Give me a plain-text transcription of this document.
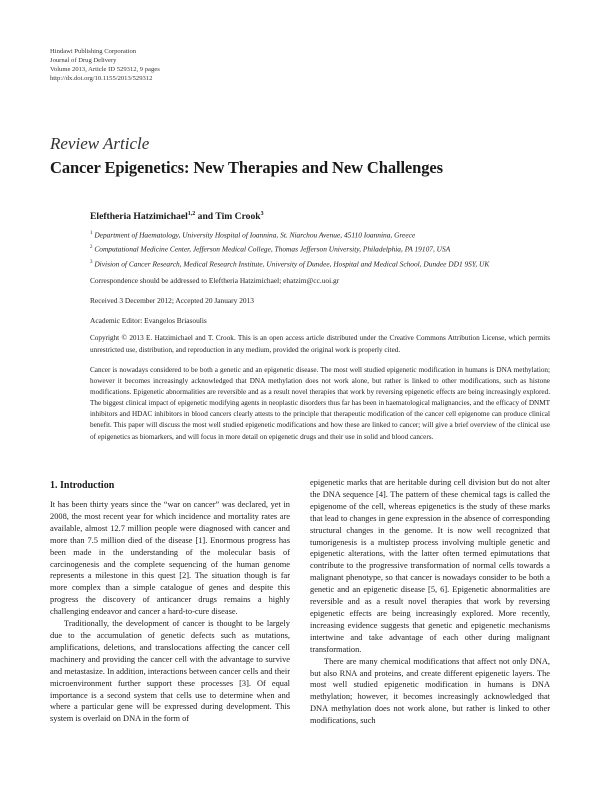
Hindawi Publishing Corporation
Journal of Drug Delivery
Volume 2013, Article ID 529312, 9 pages
http://dx.doi.org/10.1155/2013/529312
Review Article
Cancer Epigenetics: New Therapies and New Challenges
Eleftheria Hatzimichael$^{1,2}$ and Tim Crook$^3$
$^1$ Department of Haematology, University Hospital of Ioannina, St. Niarchou Avenue, 45110 Ioannina, Greece
$^2$ Computational Medicine Center, Jefferson Medical College, Thomas Jefferson University, Philadelphia, PA 19107, USA
$^3$ Division of Cancer Research, Medical Research Institute, University of Dundee, Hospital and Medical School, Dundee DD1 9SY, UK
Correspondence should be addressed to Eleftheria Hatzimichael; ehatzim@cc.uoi.gr
Received 3 December 2012; Accepted 20 January 2013
Academic Editor: Evangelos Briasoulis
Copyright © 2013 E. Hatzimichael and T. Crook. This is an open access article distributed under the Creative Commons Attribution License, which permits unrestricted use, distribution, and reproduction in any medium, provided the original work is properly cited.
Cancer is nowadays considered to be both a genetic and an epigenetic disease. The most well studied epigenetic modification in humans is DNA methylation; however it becomes increasingly acknowledged that DNA methylation does not work alone, but rather is linked to other modifications, such as histone modifications. Epigenetic abnormalities are reversible and as a result novel therapies that work by reversing epigenetic effects are being increasingly explored. The biggest clinical impact of epigenetic modifying agents in neoplastic disorders thus far has been in haematological malignancies, and the efficacy of DNMT inhibitors and HDAC inhibitors in blood cancers clearly attests to the principle that therapeutic modification of the cancer cell epigenome can produce clinical benefit. This paper will discuss the most well studied epigenetic modifications and how these are linked to cancer; will give a brief overview of the clinical use of epigenetics as biomarkers, and will focus in more detail on epigenetic drugs and their use in solid and blood cancers.
1. Introduction

It has been thirty years since the “war on cancer” was declared, yet in 2008, the most recent year for which incidence and mortality rates are available, almost 12.7 million people were diagnosed with cancer and more than 7.5 million died of the disease [1]. Enormous progress has been made in the understanding of the molecular basis of carcinogenesis and the complete sequencing of the human genome represents a milestone in this quest [2]. The situation though is far more complex than a simple catalogue of genes and despite this progress the discovery of anticancer drugs remains a highly challenging endeavor and cancer a hard-to-cure disease.

Traditionally, the development of cancer is thought to be largely due to the accumulation of genetic defects such as mutations, amplifications, deletions, and translocations affecting the cancer cell machinery and providing the cancer cell with the advantage to survive and metastasize. In addition, interactions between cancer cells and their microenvironment further support these processes [3]. Of equal importance is a second system that cells use to determine when and where a particular gene will be expressed during development. This system is overlaid on DNA in the form of

epigenetic marks that are heritable during cell division but do not alter the DNA sequence [4]. The pattern of these chemical tags is called the epigenome of the cell, whereas epigenetics is the study of these marks that lead to changes in gene expression in the absence of corresponding structural changes in the genome. It is now well recognized that tumorigenesis is a multistep process involving multiple genetic and epigenetic alterations, with the latter often termed epimutations that contribute to the progressive transformation of normal cells towards a malignant phenotype, so that cancer is nowadays consider to be both a genetic and an epigenetic disease [5, 6]. Epigenetic abnormalities are reversible and as a result novel therapies that work by reversing epigenetic effects are being increasingly explored. More recently, increasing evidence suggests that genetic and epigenetic mechanisms intertwine and take advantage of each other during malignant transformation.

There are many chemical modifications that affect not only DNA, but also RNA and proteins, and create different epigenetic layers. The most well studied epigenetic modification in humans is DNA methylation; however, it becomes increasingly acknowledged that DNA methylation does not work alone, but rather is linked to other modifications, such
